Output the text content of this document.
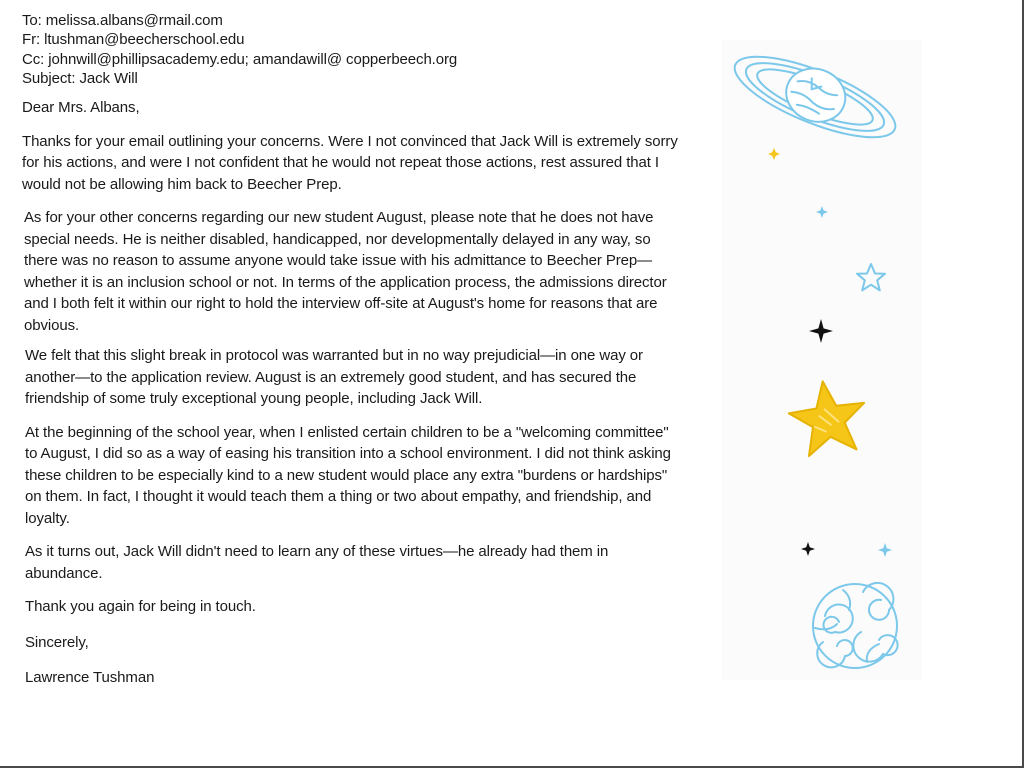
To: melissa.albans@rmail.com

Fr: ltushman@beecherschool.edu

Cc: johnwill@phillipsacademy.edu; amandawill@ copperbeech.org

Subject: Jack Will

Dear Mrs. Albans,

Thanks for your email outlining your concerns. Were I not convinced that Jack Will is extremely sorry for his actions, and were I not confident that he would not repeat those actions, rest assured that I would not be allowing him back to Beecher Prep.

As for your other concerns regarding our new student August, please note that he does not have special needs. He is neither disabled, handicapped, nor developmentally delayed in any way, so there was no reason to assume anyone would take issue with his admittance to Beecher Prep—whether it is an inclusion school or not. In terms of the application process, the admissions director and I both felt it within our right to hold the interview off-site at August's home for reasons that are obvious.

We felt that this slight break in protocol was warranted but in no way prejudicial—in one way or another—to the application review. August is an extremely good student, and has secured the friendship of some truly exceptional young people, including Jack Will.

At the beginning of the school year, when I enlisted certain children to be a "welcoming committee" to August, I did so as a way of easing his transition into a school environment. I did not think asking these children to be especially kind to a new student would place any extra "burdens or hardships" on them. In fact, I thought it would teach them a thing or two about empathy, and friendship, and loyalty.

As it turns out, Jack Will didn't need to learn any of these virtues—he already had them in abundance.

Thank you again for being in touch.

Sincerely,

Lawrence Tushman
